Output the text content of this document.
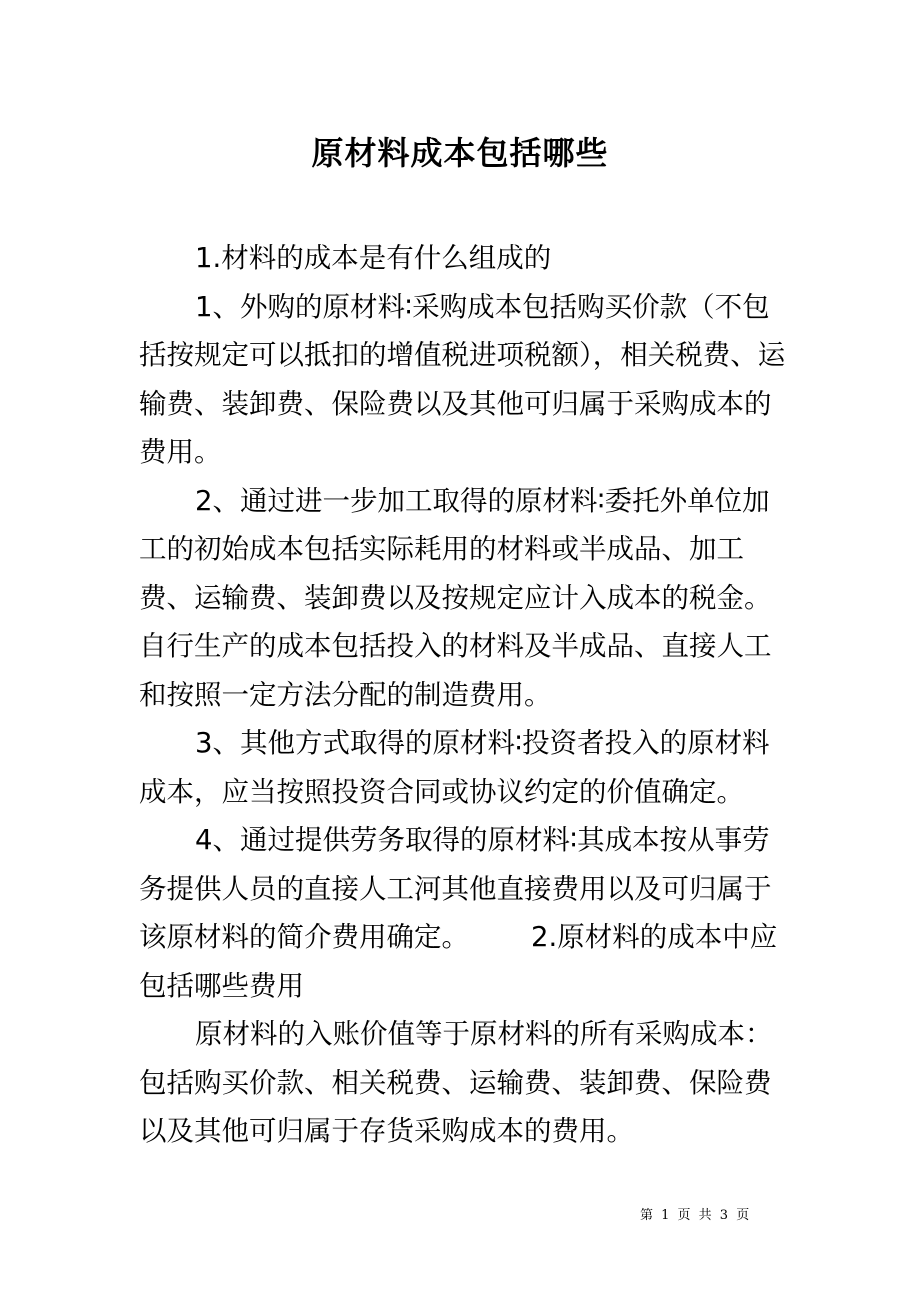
原材料成本包括哪些

1.材料的成本是有什么组成的

1、外购的原材料∶采购成本包括购买价款（不包括按规定可以抵扣的增值税进项税额），相关税费、运输费、装卸费、保险费以及其他可归属于采购成本的费用。

2、通过进一步加工取得的原材料∶委托外单位加工的初始成本包括实际耗用的材料或半成品、加工费、运输费、装卸费以及按规定应计入成本的税金。自行生产的成本包括投入的材料及半成品、直接人工和按照一定方法分配的制造费用。

3、其他方式取得的原材料∶投资者投入的原材料成本，应当按照投资合同或协议约定的价值确定。

4、通过提供劳务取得的原材料∶其成本按从事劳务提供人员的直接人工河其他直接费用以及可归属于该原材料的简介费用确定。 2.原材料的成本中应包括哪些费用

原材料的入账价值等于原材料的所有采购成本：包括购买价款、相关税费、运输费、装卸费、保险费以及其他可归属于存货采购成本的费用。

第 1 页 共 3 页
